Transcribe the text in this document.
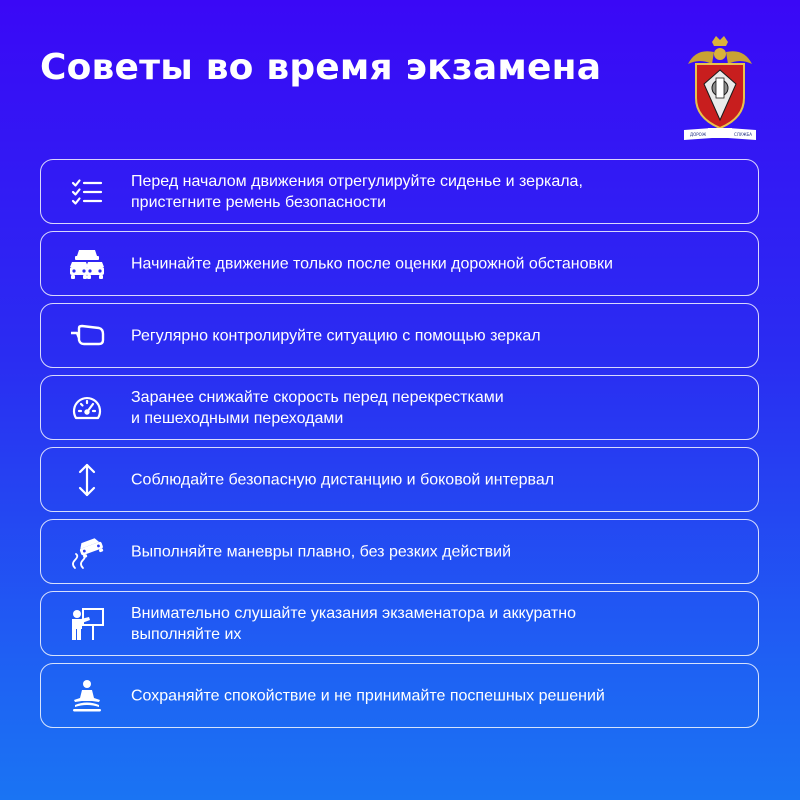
Советы во время экзамена
ДОРОЖ	СЛУЖБА
Перед началом движения отрегулируйте сиденье и зеркала,
пристегните ремень безопасности
Начинайте движение только после оценки дорожной обстановки
Регулярно контролируйте ситуацию с помощью зеркал
Заранее снижайте скорость перед перекрестками
и пешеходными переходами
Соблюдайте безопасную дистанцию и боковой интервал
Выполняйте маневры плавно, без резких действий
Внимательно слушайте указания экзаменатора и аккуратно
выполняйте их
Сохраняйте спокойствие и не принимайте поспешных решений
